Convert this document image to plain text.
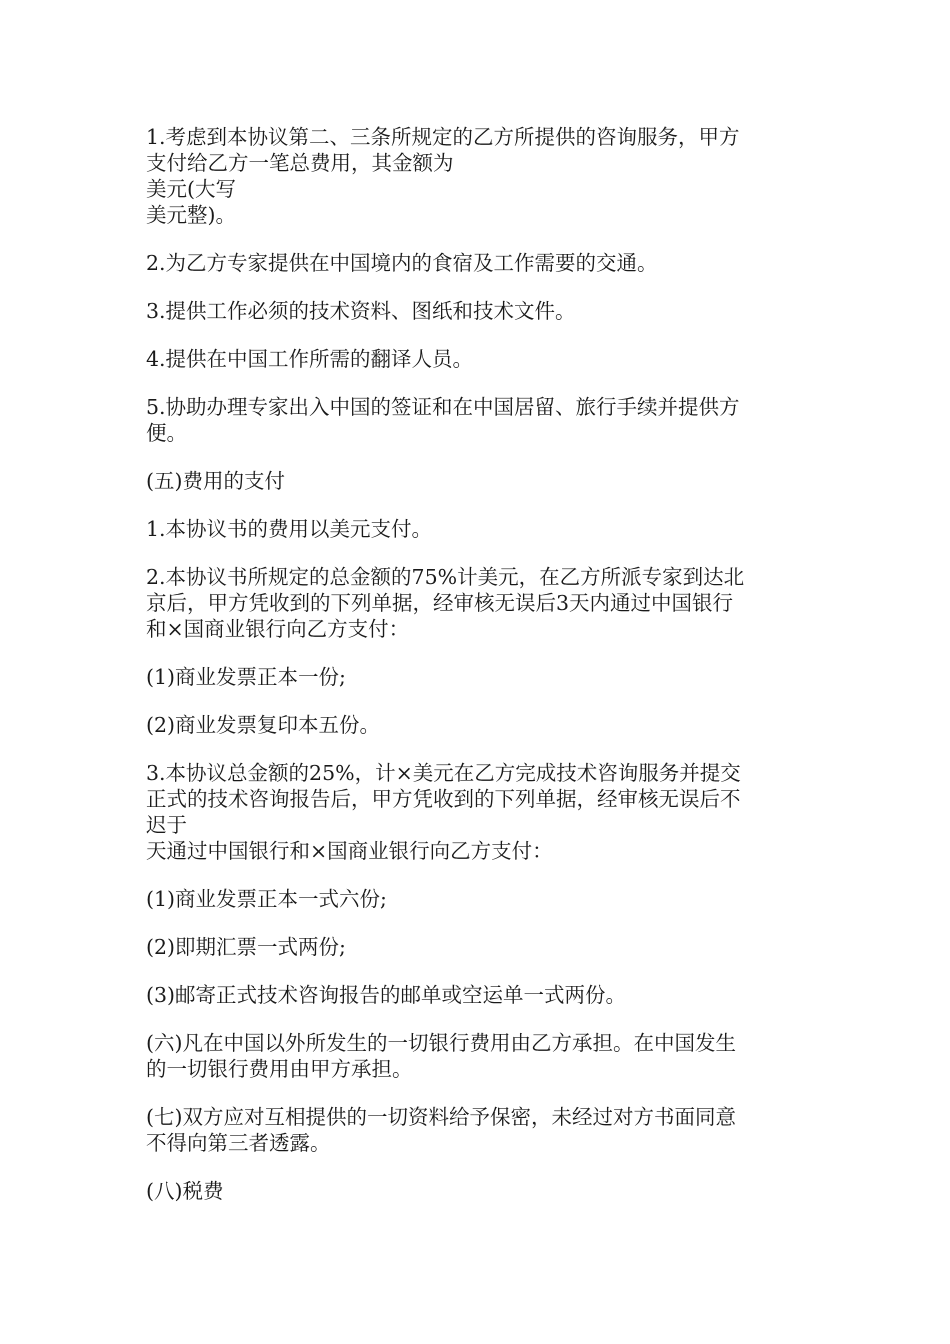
1.考虑到本协议第二、三条所规定的乙方所提供的咨询服务，甲方
支付给乙方一笔总费用，其金额为
美元(大写
美元整)。

2.为乙方专家提供在中国境内的食宿及工作需要的交通。

3.提供工作必须的技术资料、图纸和技术文件。

4.提供在中国工作所需的翻译人员。

5.协助办理专家出入中国的签证和在中国居留、旅行手续并提供方
便。

(五)费用的支付

1.本协议书的费用以美元支付。

2.本协议书所规定的总金额的75%计美元，在乙方所派专家到达北
京后，甲方凭收到的下列单据，经审核无误后3天内通过中国银行
和×国商业银行向乙方支付：

(1)商业发票正本一份;

(2)商业发票复印本五份。

3.本协议总金额的25%，计×美元在乙方完成技术咨询服务并提交
正式的技术咨询报告后，甲方凭收到的下列单据，经审核无误后不
迟于
天通过中国银行和×国商业银行向乙方支付：

(1)商业发票正本一式六份;

(2)即期汇票一式两份;

(3)邮寄正式技术咨询报告的邮单或空运单一式两份。

(六)凡在中国以外所发生的一切银行费用由乙方承担。在中国发生
的一切银行费用由甲方承担。

(七)双方应对互相提供的一切资料给予保密，未经过对方书面同意
不得向第三者透露。

(八)税费
